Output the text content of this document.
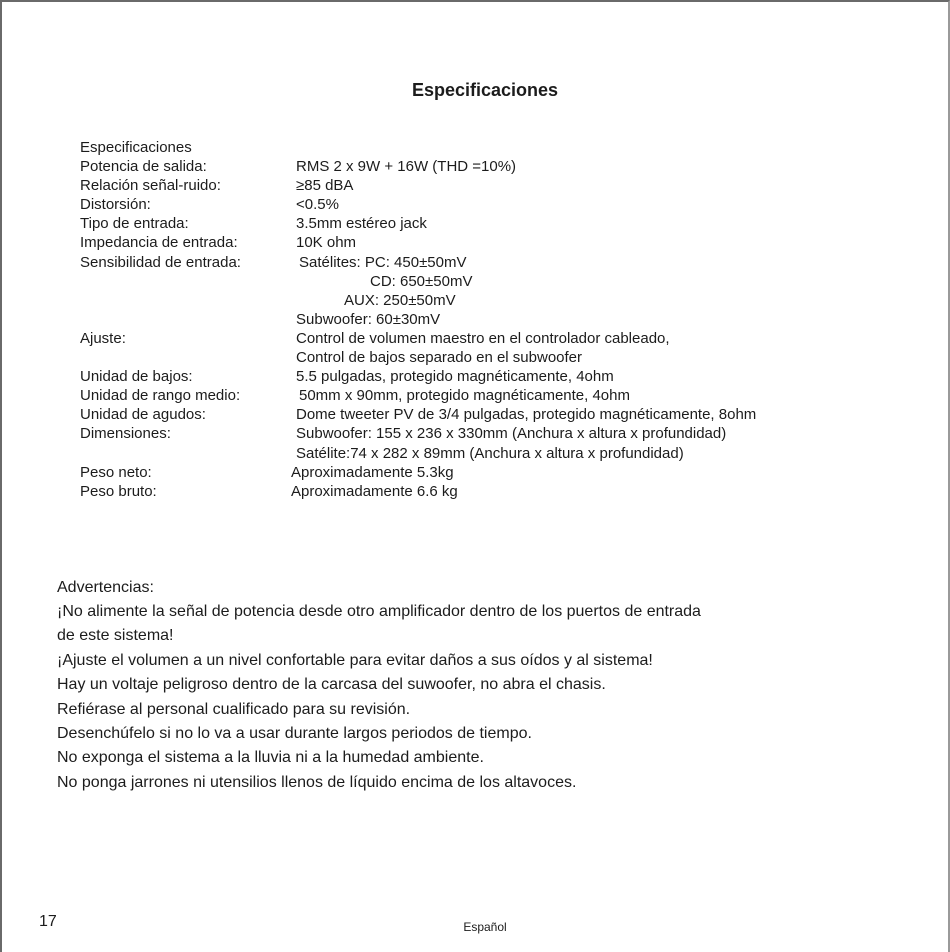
Especificaciones
Especificaciones
Potencia de salida:	RMS 2 x 9W + 16W (THD =10%)
Relación señal-ruido:	≥85 dBA
Distorsión:	<0.5%
Tipo de entrada:	3.5mm estéreo jack
Impedancia de entrada:	10K ohm
Sensibilidad de entrada:	Satélites: PC: 450±50mV
CD: 650±50mV
AUX: 250±50mV
Subwoofer: 60±30mV
Ajuste:	Control de volumen maestro en el controlador cableado,
Control de bajos separado en el subwoofer
Unidad de bajos:	5.5 pulgadas, protegido magnéticamente, 4ohm
Unidad de rango medio:	50mm x 90mm, protegido magnéticamente, 4ohm
Unidad de agudos:	Dome tweeter PV de 3/4 pulgadas, protegido magnéticamente, 8ohm
Dimensiones:	Subwoofer: 155 x 236 x 330mm (Anchura x altura x profundidad)
Satélite:74 x 282 x 89mm (Anchura x altura x profundidad)
Peso neto:	Aproximadamente 5.3kg
Peso bruto:	Aproximadamente 6.6 kg
Advertencias:
¡No alimente la señal de potencia desde otro amplificador dentro de los puertos de entrada
de este sistema!
¡Ajuste el volumen a un nivel confortable para evitar daños a sus oídos y al sistema!
Hay un voltaje peligroso dentro de la carcasa del suwoofer, no abra el chasis.
Refiérase al personal cualificado para su revisión.
Desenchúfelo si no lo va a usar durante largos periodos de tiempo.
No exponga el sistema a la lluvia ni a la humedad ambiente.
No ponga jarrones ni utensilios llenos de líquido encima de los altavoces.
17	Español
